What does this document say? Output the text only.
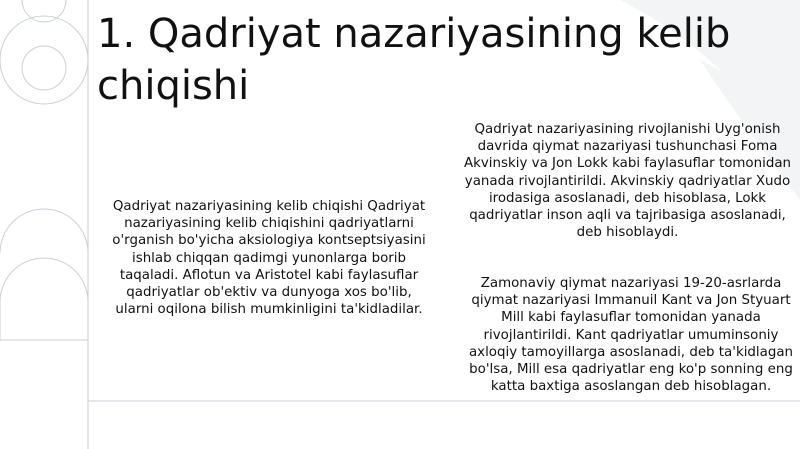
1. Qadriyat nazariyasining kelib chiqishi

Qadriyat nazariyasining kelib chiqishi Qadriyat nazariyasining kelib chiqishini qadriyatlarni o'rganish bo'yicha aksiologiya kontseptsiyasini ishlab chiqqan qadimgi yunonlarga borib taqaladi. Aflotun va Aristotel kabi faylasuflar qadriyatlar ob'ektiv va dunyoga xos bo'lib, ularni oqilona bilish mumkinligini ta'kidladilar.

Qadriyat nazariyasining rivojlanishi Uyg'onish davrida qiymat nazariyasi tushunchasi Foma Akvinskiy va Jon Lokk kabi faylasuflar tomonidan yanada rivojlantirildi. Akvinskiy qadriyatlar Xudo irodasiga asoslanadi, deb hisoblasa, Lokk qadriyatlar inson aqli va tajribasiga asoslanadi, deb hisoblaydi.

Zamonaviy qiymat nazariyasi 19-20-asrlarda qiymat nazariyasi Immanuil Kant va Jon Styuart Mill kabi faylasuflar tomonidan yanada rivojlantirildi. Kant qadriyatlar umuminsoniy axloqiy tamoyillarga asoslanadi, deb ta'kidlagan bo'lsa, Mill esa qadriyatlar eng ko'p sonning eng katta baxtiga asoslangan deb hisoblagan.
